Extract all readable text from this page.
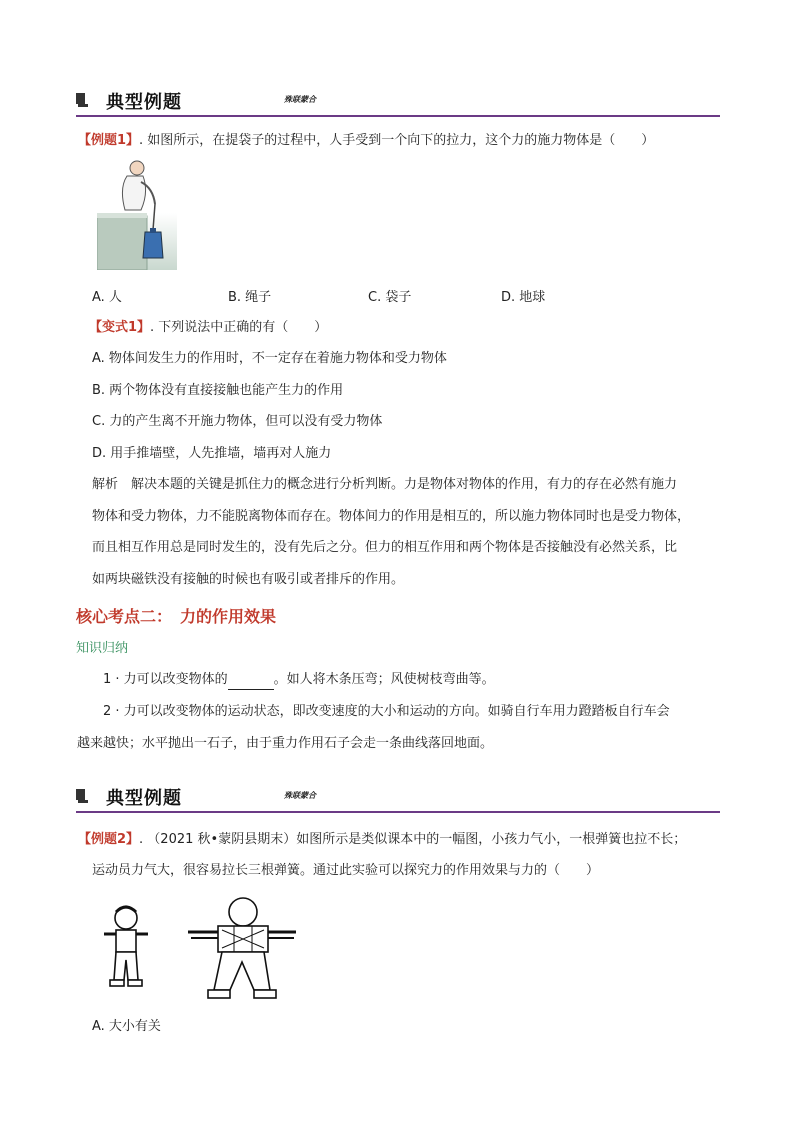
典型例题	殊联蒙合
【例题1】. 如图所示，在提袋子的过程中，人手受到一个向下的拉力，这个力的施力物体是（　　）
A. 人	B. 绳子	C. 袋子	D. 地球
【变式1】. 下列说法中正确的有（　　）
A. 物体间发生力的作用时，不一定存在着施力物体和受力物体
B. 两个物体没有直接接触也能产生力的作用
C. 力的产生离不开施力物体，但可以没有受力物体
D. 用手推墙壁，人先推墙，墙再对人施力
解析　解决本题的关键是抓住力的概念进行分析判断。力是物体对物体的作用，有力的存在必然有施力
物体和受力物体，力不能脱离物体而存在。物体间力的作用是相互的，所以施力物体同时也是受力物体，
而且相互作用总是同时发生的，没有先后之分。但力的相互作用和两个物体是否接触没有必然关系，比
如两块磁铁没有接触的时候也有吸引或者排斥的作用。
核心考点二：　力的作用效果
知识归纳
1 · 力可以改变物体的	。如人将木条压弯；风使树枝弯曲等。
2 · 力可以改变物体的运动状态，即改变速度的大小和运动的方向。如骑自行车用力蹬踏板自行车会
越来越快；水平抛出一石子，由于重力作用石子会走一条曲线落回地面。
典型例题	殊联蒙合
【例题2】. （2021 秋•蒙阴县期末）如图所示是类似课本中的一幅图，小孩力气小，一根弹簧也拉不长；
运动员力气大，很容易拉长三根弹簧。通过此实验可以探究力的作用效果与力的（　　）
A. 大小有关
